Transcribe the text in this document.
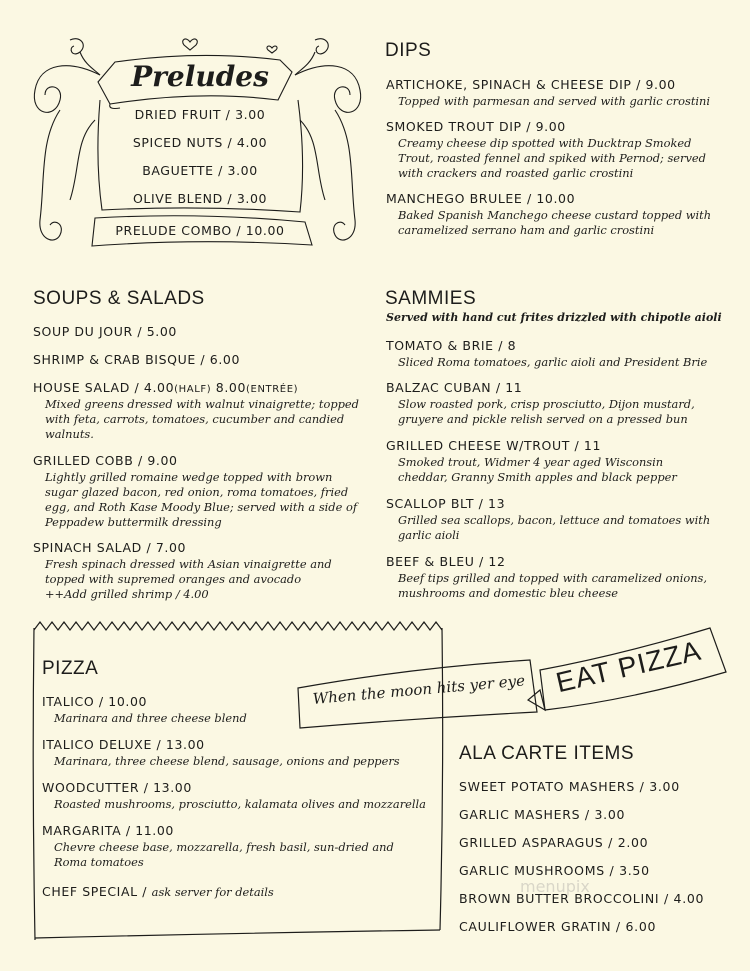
Preludes
DRIED FRUIT / 3.00
SPICED NUTS / 4.00
BAGUETTE / 3.00
OLIVE BLEND / 3.00
PRELUDE COMBO / 10.00
DIPS
ARTICHOKE, SPINACH & CHEESE DIP / 9.00
Topped with parmesan and served with garlic crostini
SMOKED TROUT DIP / 9.00
Creamy cheese dip spotted with Ducktrap Smoked Trout, roasted fennel and spiked with Pernod; served with crackers and roasted garlic crostini
MANCHEGO BRULEE / 10.00
Baked Spanish Manchego cheese custard topped with caramelized serrano ham and garlic crostini
SOUPS & SALADS
SOUP DU JOUR / 5.00
SHRIMP & CRAB BISQUE / 6.00
HOUSE SALAD / 4.00(HALF) 8.00(ENTRÉE)
Mixed greens dressed with walnut vinaigrette; topped with feta, carrots, tomatoes, cucumber and candied walnuts.
GRILLED COBB / 9.00
Lightly grilled romaine wedge topped with brown sugar glazed bacon, red onion, roma tomatoes, fried egg, and Roth Kase Moody Blue; served with a side of Peppadew buttermilk dressing
SPINACH SALAD / 7.00
Fresh spinach dressed with Asian vinaigrette and topped with supremed oranges and avocado
++Add grilled shrimp / 4.00
SAMMIES
Served with hand cut frites drizzled with chipotle aioli
TOMATO & BRIE / 8
Sliced Roma tomatoes, garlic aioli and President Brie
BALZAC CUBAN / 11
Slow roasted pork, crisp prosciutto, Dijon mustard, gruyere and pickle relish served on a pressed bun
GRILLED CHEESE W/TROUT / 11
Smoked trout, Widmer 4 year aged Wisconsin cheddar, Granny Smith apples and black pepper
SCALLOP BLT / 13
Grilled sea scallops, bacon, lettuce and tomatoes with garlic aioli
BEEF & BLEU / 12
Beef tips grilled and topped with caramelized onions, mushrooms and domestic bleu cheese
PIZZA
ITALICO / 10.00
Marinara and three cheese blend
ITALICO DELUXE / 13.00
Marinara, three cheese blend, sausage, onions and peppers
WOODCUTTER / 13.00
Roasted mushrooms, prosciutto, kalamata olives and mozzarella
MARGARITA / 11.00
Chevre cheese base, mozzarella, fresh basil, sun-dried and Roma tomatoes
CHEF SPECIAL / ask server for details
When the moon hits yer eye EAT PIZZA
ALA CARTE ITEMS
SWEET POTATO MASHERS / 3.00
GARLIC MASHERS / 3.00
GRILLED ASPARAGUS / 2.00
GARLIC MUSHROOMS / 3.50
BROWN BUTTER BROCCOLINI / 4.00
CAULIFLOWER GRATIN / 6.00
menupix
